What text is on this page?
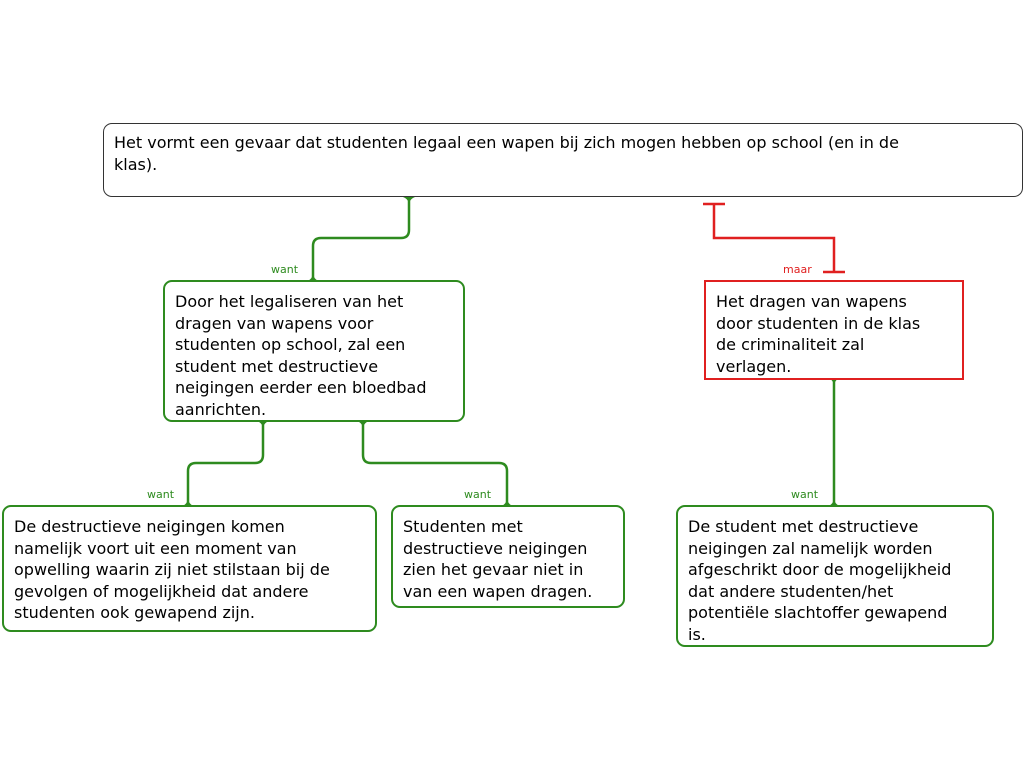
want	maar
want	want	want
Het vormt een gevaar dat studenten legaal een wapen bij zich mogen hebben op school (en in de
klas).
Door het legaliseren van het
dragen van wapens voor
studenten op school, zal een
student met destructieve
neigingen eerder een bloedbad
aanrichten.
Het dragen van wapens
door studenten in de klas
de criminaliteit zal
verlagen.
De destructieve neigingen komen
namelijk voort uit een moment van
opwelling waarin zij niet stilstaan bij de
gevolgen of mogelijkheid dat andere
studenten ook gewapend zijn.
Studenten met
destructieve neigingen
zien het gevaar niet in
van een wapen dragen.
De student met destructieve
neigingen zal namelijk worden
afgeschrikt door de mogelijkheid
dat andere studenten/het
potentiële slachtoffer gewapend
is.
